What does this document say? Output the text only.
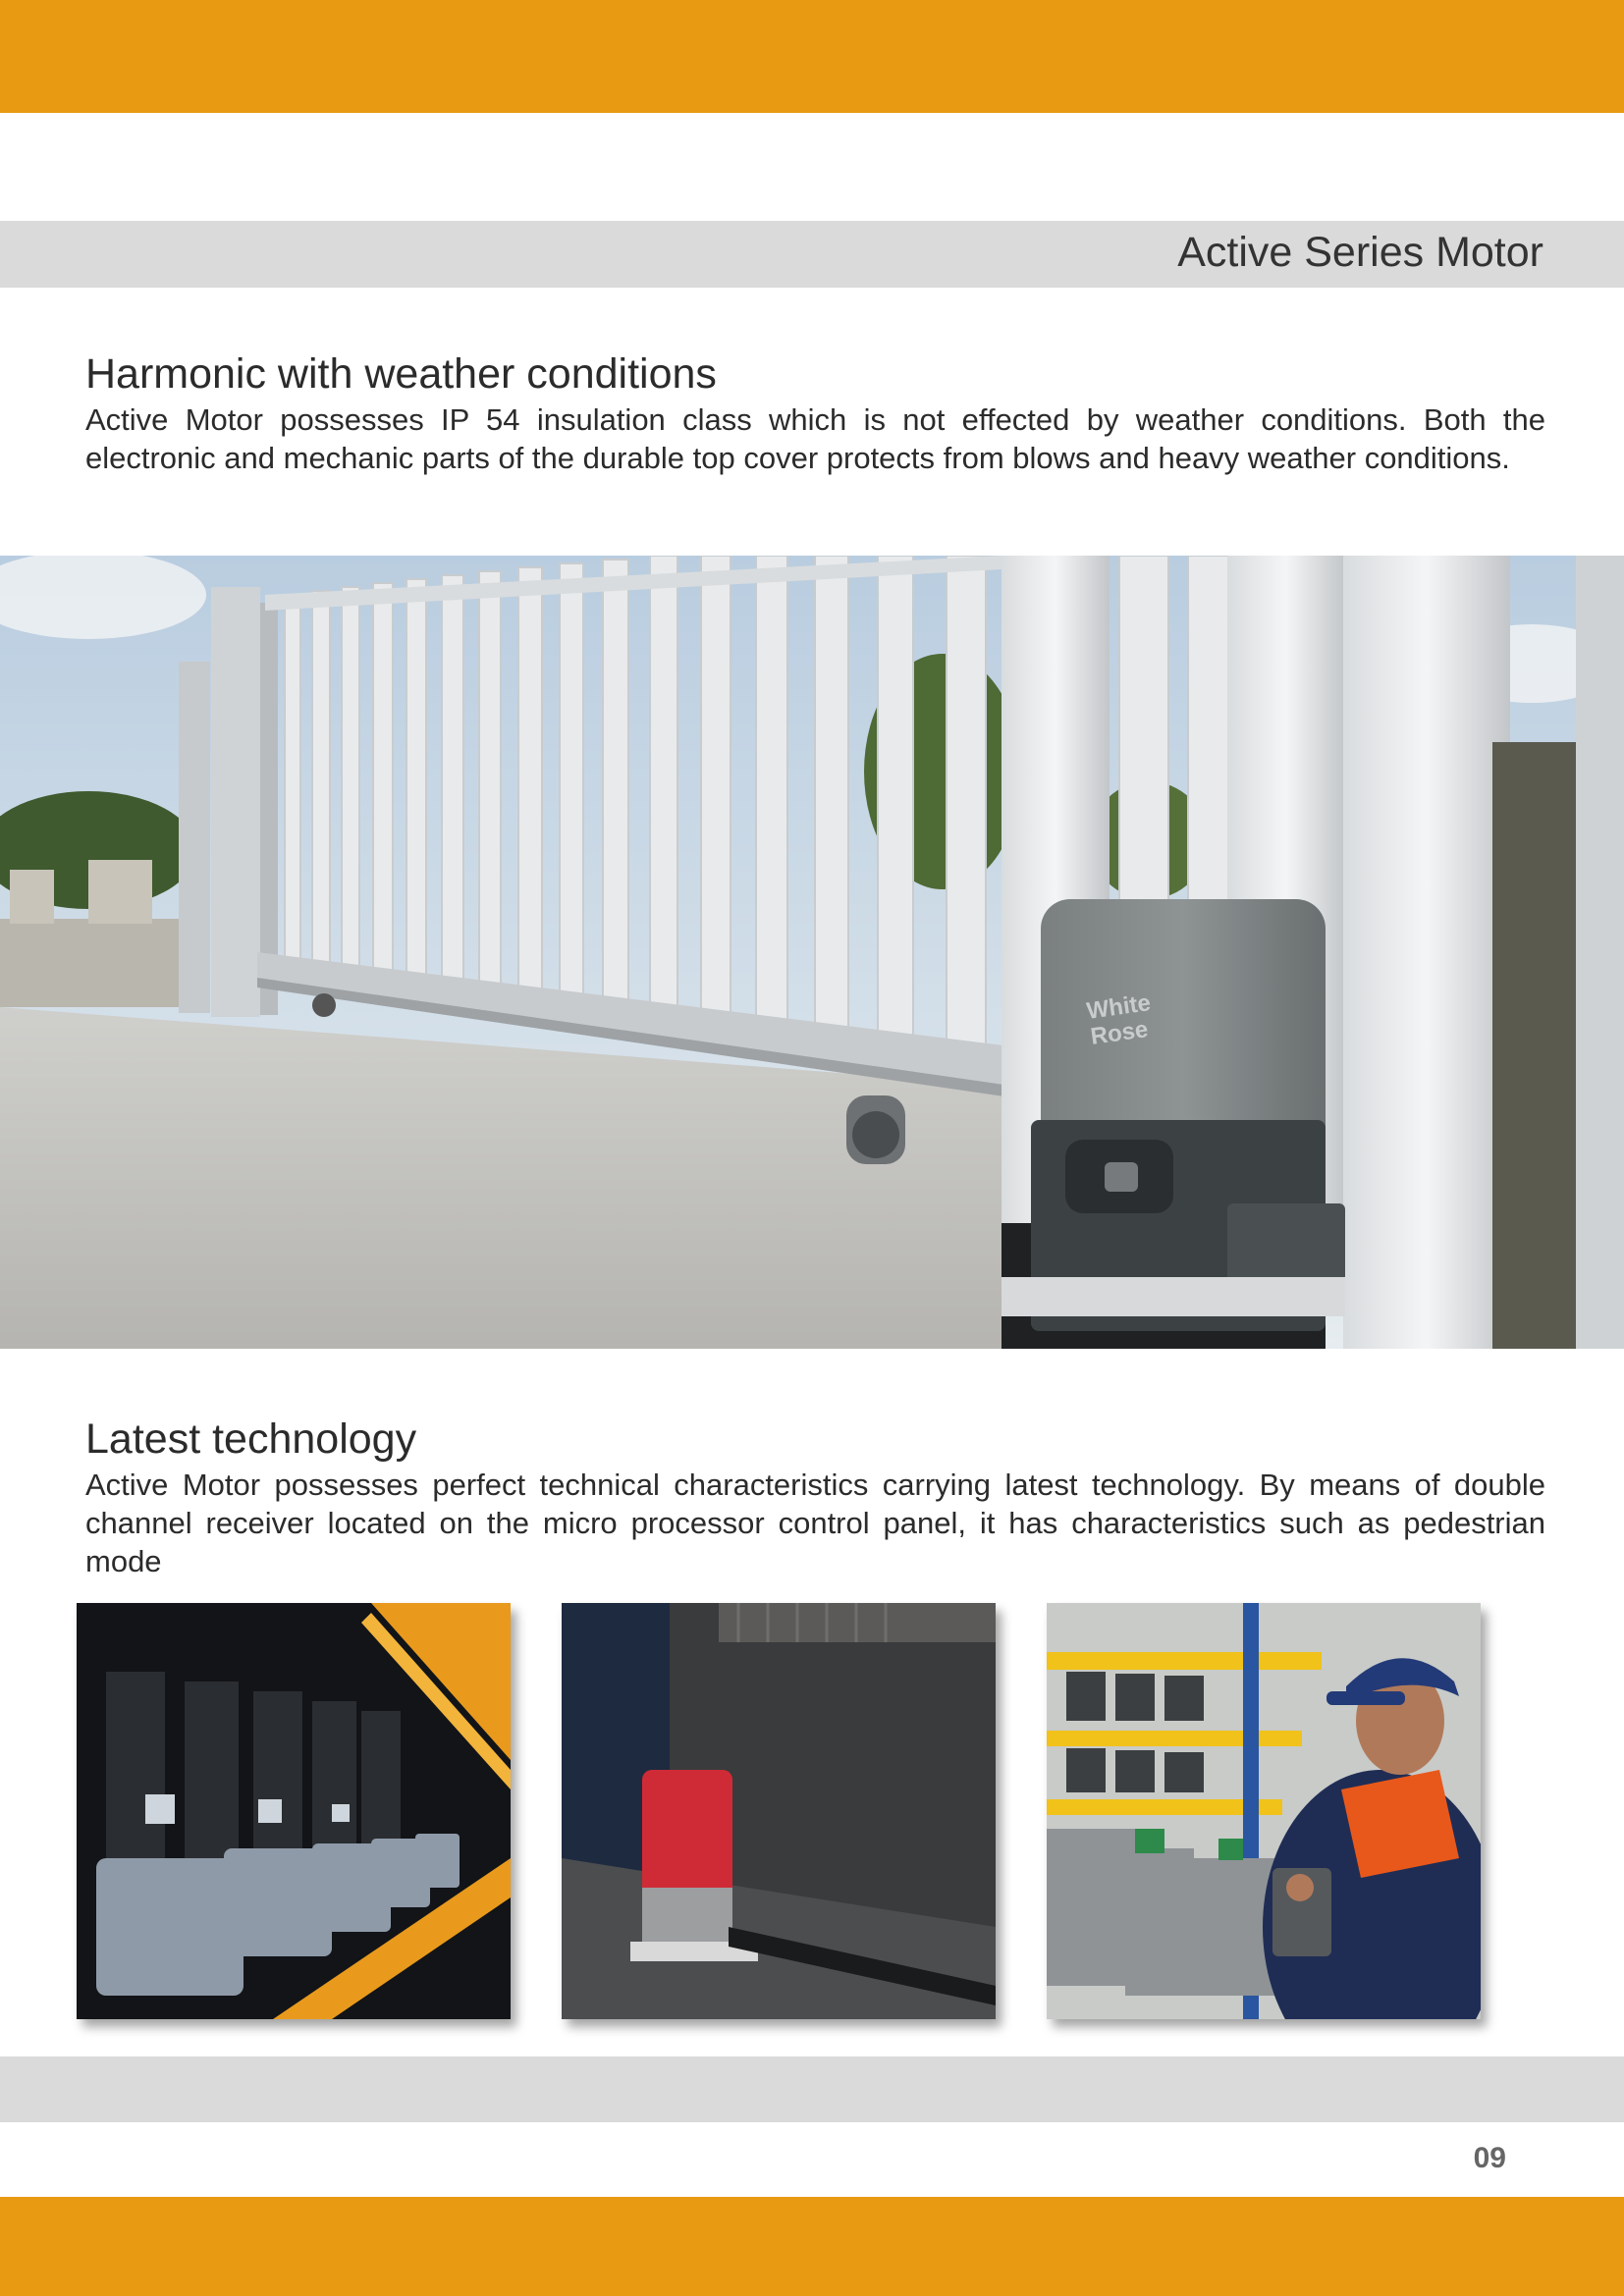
Active Series Motor
Harmonic with weather conditions

Active Motor possesses IP 54 insulation class which is not effected by weather conditions. Both the electronic and mechanic parts of the durable top cover protects from blows and heavy weather conditions.

White
Rose
Latest technology

Active Motor possesses perfect technical characteristics carrying latest technology. By means of double channel receiver located on the micro processor control panel, it has characteristics such as pedestrian mode

09
